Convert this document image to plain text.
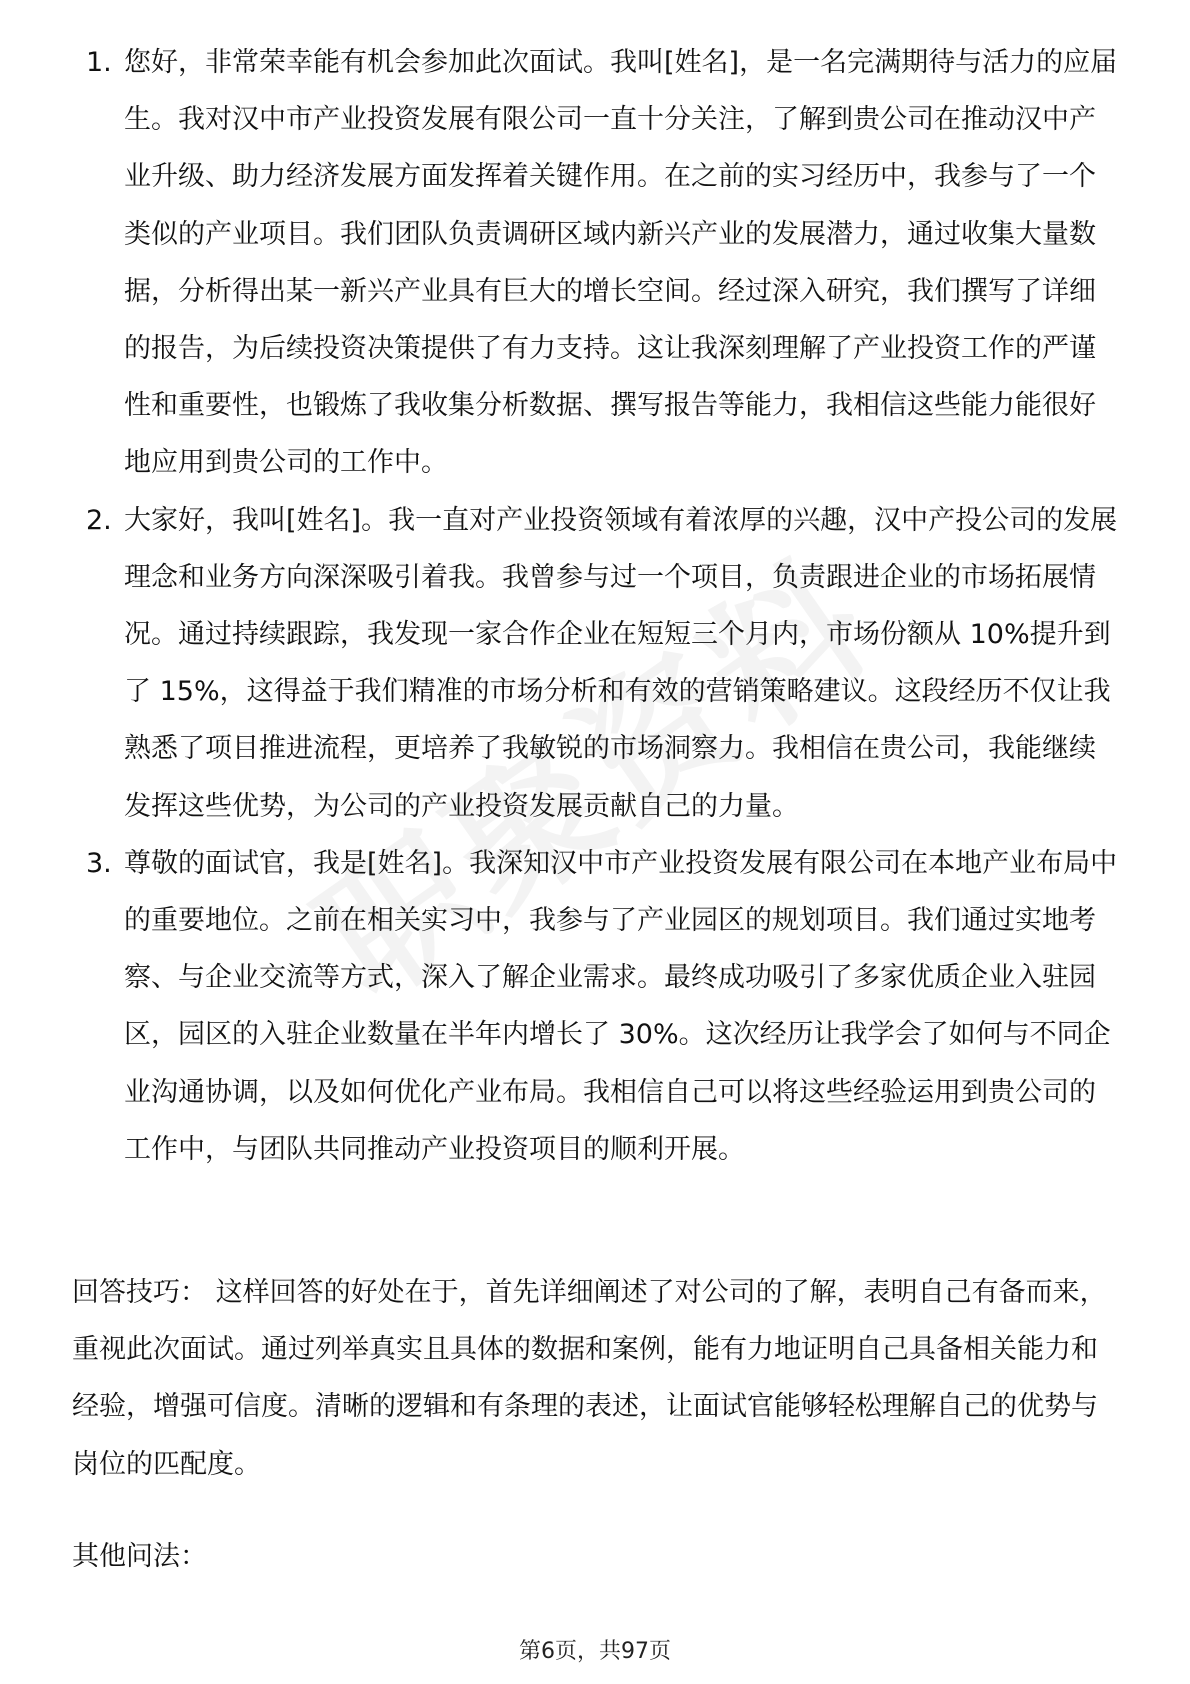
1. 您好，非常荣幸能有机会参加此次面试。我叫[姓名]，是一名完满期待与活力的应届生。我对汉中市产业投资发展有限公司一直十分关注，了解到贵公司在推动汉中产业升级、助力经济发展方面发挥着关键作用。在之前的实习经历中，我参与了一个类似的产业项目。我们团队负责调研区域内新兴产业的发展潜力，通过收集大量数据，分析得出某一新兴产业具有巨大的增长空间。经过深入研究，我们撰写了详细的报告，为后续投资决策提供了有力支持。这让我深刻理解了产业投资工作的严谨性和重要性，也锻炼了我收集分析数据、撰写报告等能力，我相信这些能力能很好地应用到贵公司的工作中。
2. 大家好，我叫[姓名]。我一直对产业投资领域有着浓厚的兴趣，汉中产投公司的发展理念和业务方向深深吸引着我。我曾参与过一个项目，负责跟进企业的市场拓展情况。通过持续跟踪，我发现一家合作企业在短短三个月内，市场份额从 10%提升到了 15%，这得益于我们精准的市场分析和有效的营销策略建议。这段经历不仅让我熟悉了项目推进流程，更培养了我敏锐的市场洞察力。我相信在贵公司，我能继续发挥这些优势，为公司的产业投资发展贡献自己的力量。
3. 尊敬的面试官，我是[姓名]。我深知汉中市产业投资发展有限公司在本地产业布局中的重要地位。之前在相关实习中，我参与了产业园区的规划项目。我们通过实地考察、与企业交流等方式，深入了解企业需求。最终成功吸引了多家优质企业入驻园区，园区的入驻企业数量在半年内增长了 30%。这次经历让我学会了如何与不同企业沟通协调，以及如何优化产业布局。我相信自己可以将这些经验运用到贵公司的工作中，与团队共同推动产业投资项目的顺利开展。

回答技巧： 这样回答的好处在于，首先详细阐述了对公司的了解，表明自己有备而来，重视此次面试。通过列举真实且具体的数据和案例，能有力地证明自己具备相关能力和经验，增强可信度。清晰的逻辑和有条理的表述，让面试官能够轻松理解自己的优势与岗位的匹配度。

其他问法：

第6页，共97页
